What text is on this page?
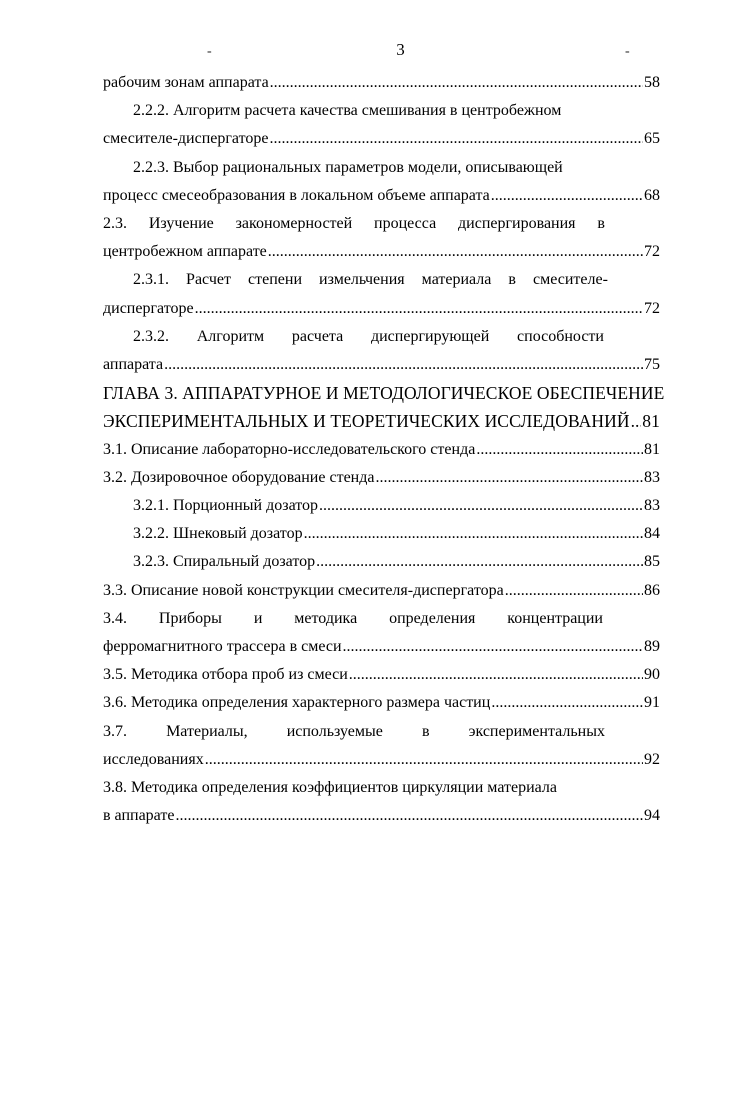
3
-	-
рабочим зонам аппарата .....	58
2.2.2. Алгоритм расчета качества смешивания в центробежном
смесителе-диспергаторе .....	65
2.2.3. Выбор рациональных параметров модели, описывающей
процесс смесеобразования в локальном объеме аппарата .....	68
2.3. Изучение закономерностей процесса диспергирования в
центробежном аппарате .....	72
2.3.1. Расчет степени измельчения материала в смесителе-
диспергаторе .....	72
2.3.2. Алгоритм расчета диспергирующей способности
аппарата .....	75
ГЛАВА 3. АППАРАТУРНОЕ И МЕТОДОЛОГИЧЕСКОЕ ОБЕСПЕЧЕНИЕ
ЭКСПЕРИМЕНТАЛЬНЫХ И ТЕОРЕТИЧЕСКИХ ИССЛЕДОВАНИЙ ..... 81
3.1. Описание лабораторно-исследовательского стенда .....	81
3.2. Дозировочное оборудование стенда .....	83
3.2.1. Порционный дозатор .....	83
3.2.2. Шнековый дозатор .....	84
3.2.3. Спиральный дозатор .....	85
3.3. Описание новой конструкции смесителя-диспергатора .....	86
3.4. Приборы и методика определения концентрации
ферромагнитного трассера в смеси .....	89
3.5. Методика отбора проб из смеси .....	90
3.6. Методика определения характерного размера частиц .....	91
3.7. Материалы, используемые в экспериментальных
исследованиях .....	92
3.8. Методика определения коэффициентов циркуляции материала
в аппарате .....	94
